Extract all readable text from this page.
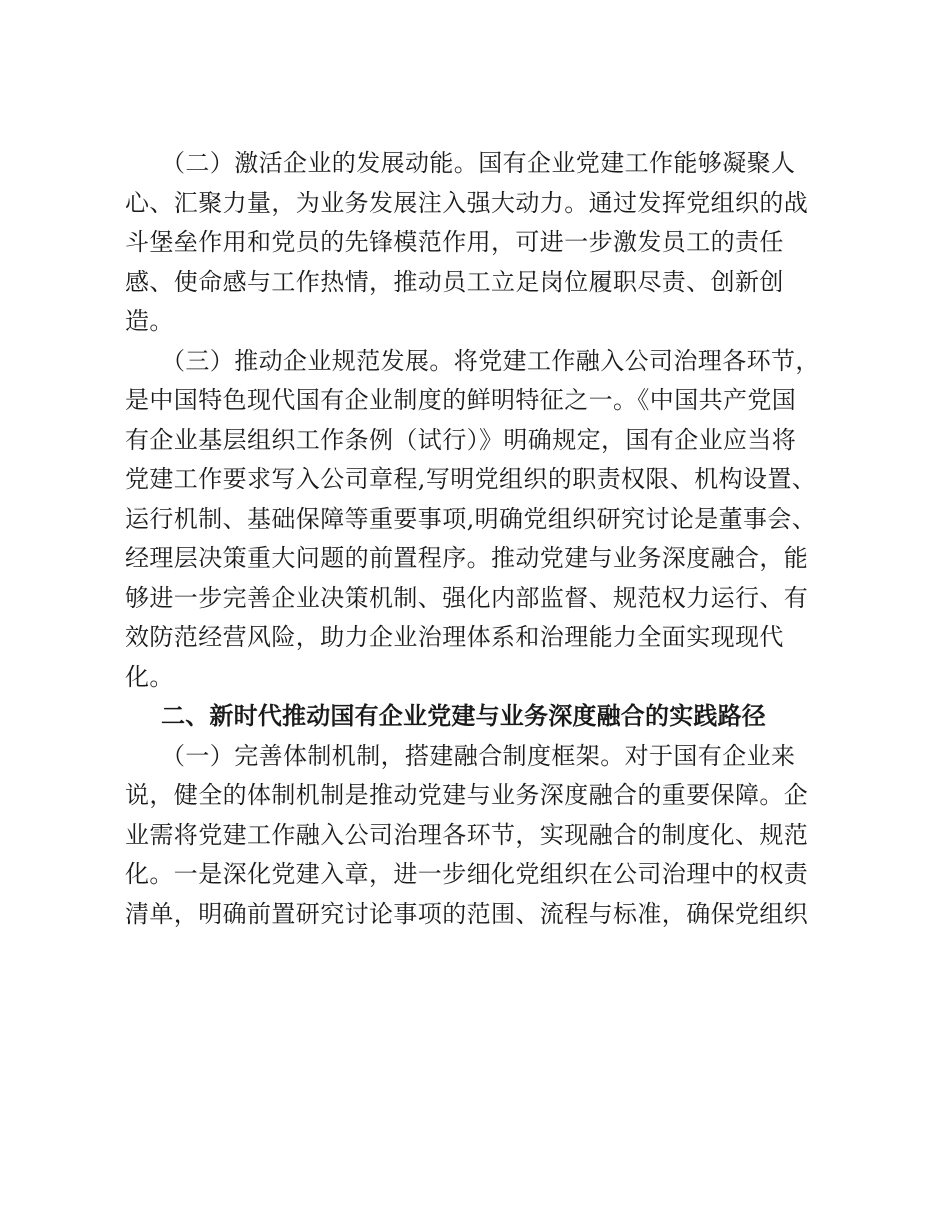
（二）激活企业的发展动能。国有企业党建工作能够凝聚人
心、汇聚力量，为业务发展注入强大动力。通过发挥党组织的战
斗堡垒作用和党员的先锋模范作用，可进一步激发员工的责任
感、使命感与工作热情，推动员工立足岗位履职尽责、创新创
造。
（三）推动企业规范发展。将党建工作融入公司治理各环节，
是中国特色现代国有企业制度的鲜明特征之一。《中国共产党国
有企业基层组织工作条例（试行）》明确规定，国有企业应当将
党建工作要求写入公司章程,写明党组织的职责权限、机构设置、
运行机制、基础保障等重要事项,明确党组织研究讨论是董事会、
经理层决策重大问题的前置程序。推动党建与业务深度融合，能
够进一步完善企业决策机制、强化内部监督、规范权力运行、有
效防范经营风险，助力企业治理体系和治理能力全面实现现代
化。
二、新时代推动国有企业党建与业务深度融合的实践路径
（一）完善体制机制，搭建融合制度框架。对于国有企业来
说，健全的体制机制是推动党建与业务深度融合的重要保障。企
业需将党建工作融入公司治理各环节，实现融合的制度化、规范
化。一是深化党建入章，进一步细化党组织在公司治理中的权责
清单，明确前置研究讨论事项的范围、流程与标准，确保党组织
